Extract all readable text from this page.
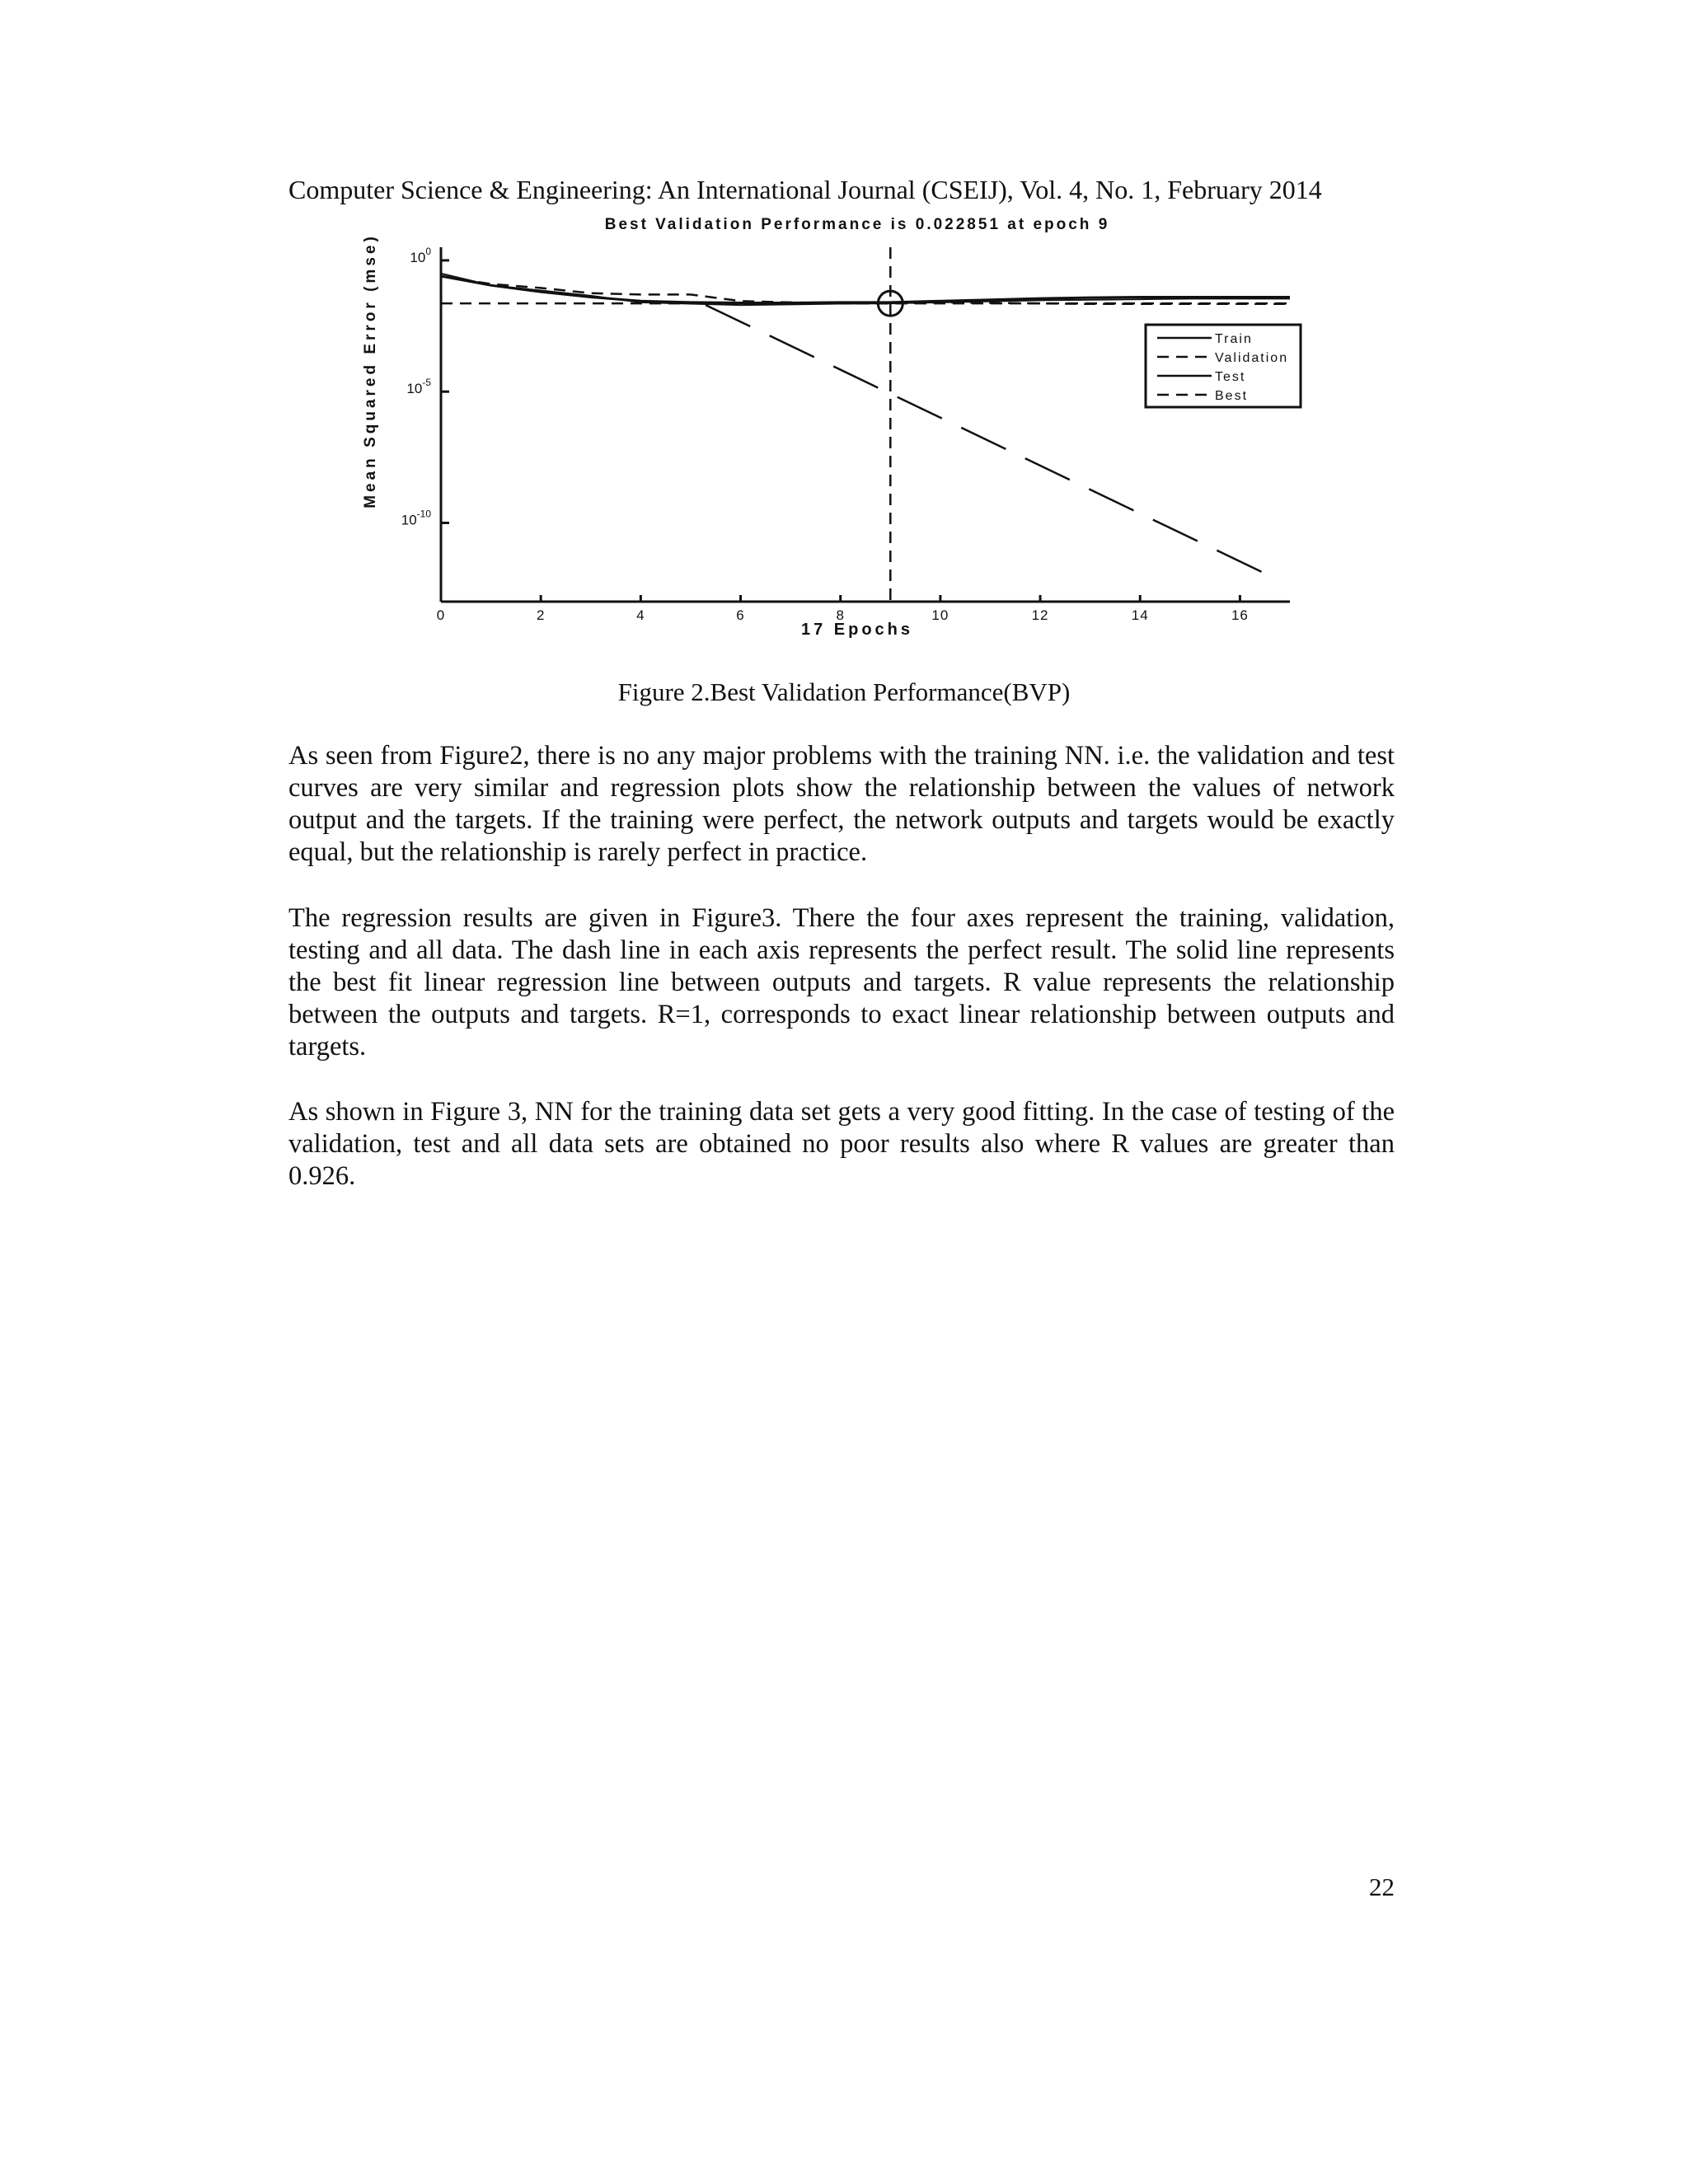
Computer Science & Engineering: An International Journal (CSEIJ), Vol. 4, No. 1, February 2014
Best Validation Performance is 0.022851 at epoch 9
Mean Squared Error (mse)
17 Epochs
0	2	4	6	8	10	12	14	16
$10^0$
$10^{-5}$
$10^{-10}$
Train
Validation
Test
Best
Figure 2.Best Validation Performance(BVP)
As seen from Figure2, there is no any major problems with the training NN. i.e. the validation and test curves are very similar and regression plots show the relationship between the values of network output and the targets. If the training were perfect, the network outputs and targets would be exactly equal, but the relationship is rarely perfect in practice.
The regression results are given in Figure3. There the four axes represent the training, validation, testing and all data. The dash line in each axis represents the perfect result. The solid line represents the best fit linear regression line between outputs and targets. R value represents the relationship between the outputs and targets. R=1, corresponds to exact linear relationship between outputs and targets.
As shown in Figure 3, NN for the training data set gets a very good fitting. In the case of testing of the validation, test and all data sets are obtained no poor results also where R values are greater than 0.926.
22
